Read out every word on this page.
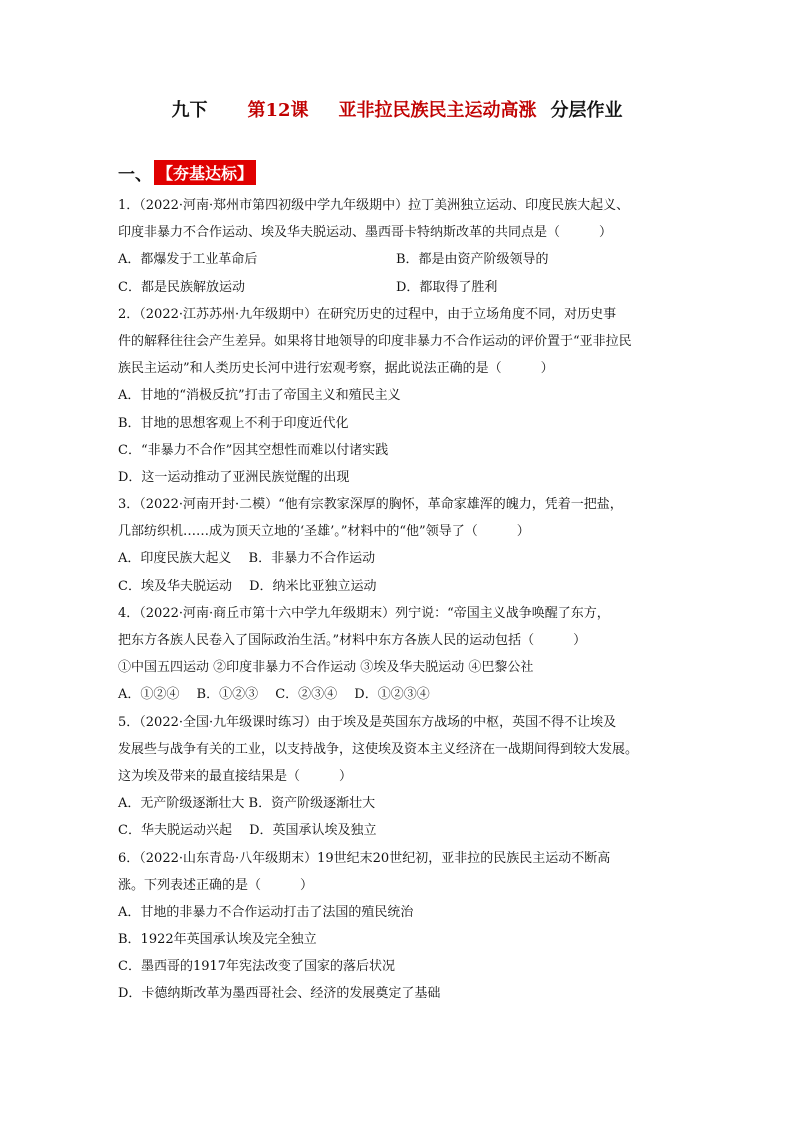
九下 第12课 亚非拉民族民主运动高涨 分层作业
一、 【夯基达标】
1．（2022·河南·郑州市第四初级中学九年级期中）拉丁美洲独立运动、印度民族大起义、
印度非暴力不合作运动、埃及华夫脱运动、墨西哥卡特纳斯改革的共同点是（　　　）
A．都爆发于工业革命后	B．都是由资产阶级领导的
C．都是民族解放运动	D．都取得了胜利
2．（2022·江苏苏州·九年级期中）在研究历史的过程中，由于立场角度不同，对历史事
件的解释往往会产生差异。如果将甘地领导的印度非暴力不合作运动的评价置于“亚非拉民
族民主运动”和人类历史长河中进行宏观考察，据此说法正确的是（　　　）
A．甘地的“消极反抗”打击了帝国主义和殖民主义
B．甘地的思想客观上不利于印度近代化
C．“非暴力不合作”因其空想性而难以付诸实践
D．这一运动推动了亚洲民族觉醒的出现
3．（2022·河南开封·二模）“他有宗教家深厚的胸怀，革命家雄浑的魄力，凭着一把盐，
几部纺织机……成为顶天立地的‘圣雄’。”材料中的“他”领导了（　　　）
A．印度民族大起义　 B．非暴力不合作运动
C．埃及华夫脱运动　 D．纳米比亚独立运动
4．（2022·河南·商丘市第十六中学九年级期末）列宁说：“帝国主义战争唤醒了东方，
把东方各族人民卷入了国际政治生活。”材料中东方各族人民的运动包括（　　　）
①中国五四运动 ②印度非暴力不合作运动 ③埃及华夫脱运动 ④巴黎公社
A．①②④　 B．①②③　 C．②③④　 D．①②③④
5．（2022·全国·九年级课时练习）由于埃及是英国东方战场的中枢，英国不得不让埃及
发展些与战争有关的工业，以支持战争，这使埃及资本主义经济在一战期间得到较大发展。
这为埃及带来的最直接结果是（　　　）
A．无产阶级逐渐壮大 B．资产阶级逐渐壮大
C．华夫脱运动兴起　 D．英国承认埃及独立
6．（2022·山东青岛·八年级期末）19世纪末20世纪初，亚非拉的民族民主运动不断高
涨。下列表述正确的是（　　　）
A．甘地的非暴力不合作运动打击了法国的殖民统治
B．1922年英国承认埃及完全独立
C．墨西哥的1917年宪法改变了国家的落后状况
D．卡德纳斯改革为墨西哥社会、经济的发展奠定了基础
